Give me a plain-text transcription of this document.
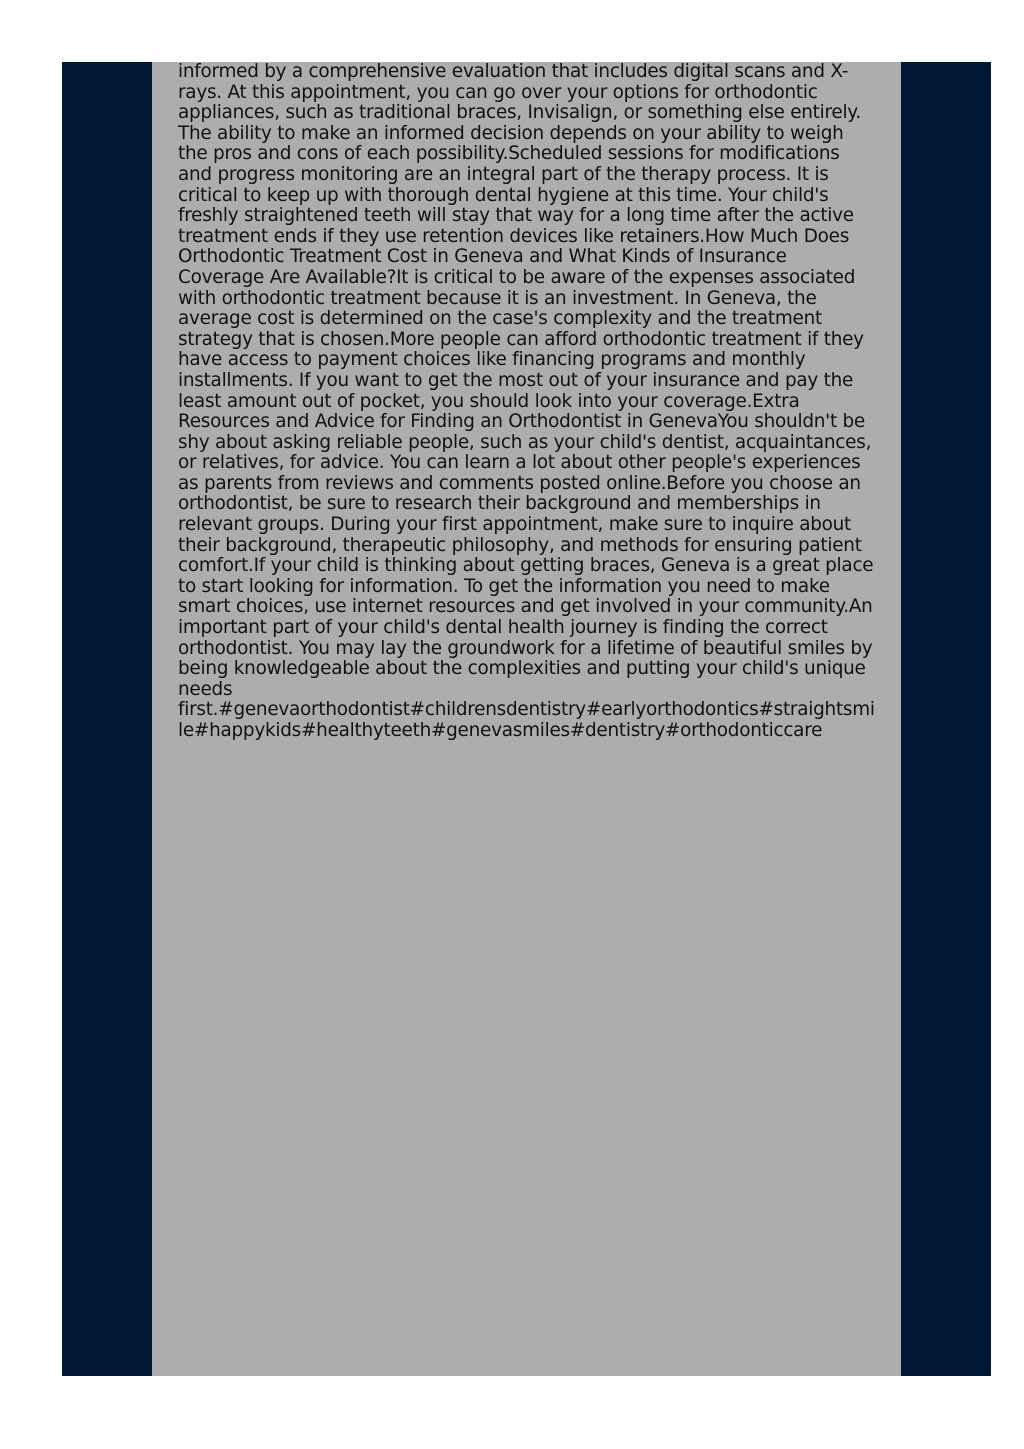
informed by a comprehensive evaluation that includes digital scans and X-rays. At this appointment, you can go over your options for orthodontic appliances, such as traditional braces, Invisalign, or something else entirely. The ability to make an informed decision depends on your ability to weigh the pros and cons of each possibility.Scheduled sessions for modifications and progress monitoring are an integral part of the therapy process. It is critical to keep up with thorough dental hygiene at this time. Your child's freshly straightened teeth will stay that way for a long time after the active treatment ends if they use retention devices like retainers.How Much Does Orthodontic Treatment Cost in Geneva and What Kinds of Insurance Coverage Are Available?It is critical to be aware of the expenses associated with orthodontic treatment because it is an investment. In Geneva, the average cost is determined on the case's complexity and the treatment strategy that is chosen.More people can afford orthodontic treatment if they have access to payment choices like financing programs and monthly installments. If you want to get the most out of your insurance and pay the least amount out of pocket, you should look into your coverage.Extra Resources and Advice for Finding an Orthodontist in GenevaYou shouldn't be shy about asking reliable people, such as your child's dentist, acquaintances, or relatives, for advice. You can learn a lot about other people's experiences as parents from reviews and comments posted online.Before you choose an orthodontist, be sure to research their background and memberships in relevant groups. During your first appointment, make sure to inquire about their background, therapeutic philosophy, and methods for ensuring patient comfort.If your child is thinking about getting braces, Geneva is a great place to start looking for information. To get the information you need to make smart choices, use internet resources and get involved in your community.An important part of your child's dental health journey is finding the correct orthodontist. You may lay the groundwork for a lifetime of beautiful smiles by being knowledgeable about the complexities and putting your child's unique needs first.#genevaorthodontist#childrensdentistry#earlyorthodontics#straightsmile#happykids#healthyteeth#genevasmiles#dentistry#orthodonticcare
